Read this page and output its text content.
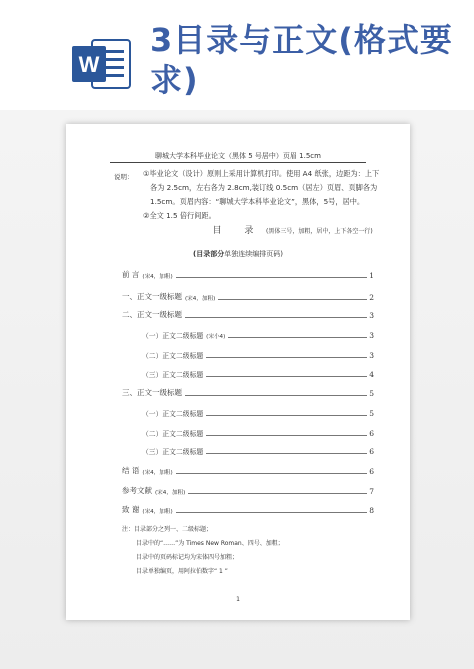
W
3目录与正文(格式要求)
聊城大学本科毕业论文（黑体 5 号居中）页眉 1.5cm
说明： ①毕业论文（设计）原则上采用计算机打印。使用 A4 纸张，边距为：上下
各为 2.5cm，左右各为 2.8cm,装订线 0.5cm（居左）页眉、页脚各为
1.5cm。页眉内容：“聊城大学本科毕业论文”，黑体，5号，居中。
②全文 1.5 倍行间距。
目 录 (黑体三号，加粗，居中，上下各空一行)
(目录部分单独连续编排页码)
前 言 (宋4，加粗)	1
一、正文一级标题 (宋4，加粗)	2
二、正文一级标题	3
（一）正文二级标题 (宋小4)	3
（二）正文二级标题	3
（三）正文二级标题	4
三、正文一级标题	5
（一）正文二级标题	5
（二）正文二级标题	6
（三）正文二级标题	6
结 语 (宋4，加粗)	6
参考文献 (宋4，加粗)	7
致 谢 (宋4，加粗)	8
注：目录部分之列一、二级标题；
目录中的“……”为 Times New Roman、四号、加粗；
目录中的页码标记均为宋体四号加粗；
目录单独编页，用阿拉伯数字“ 1 ”
1
